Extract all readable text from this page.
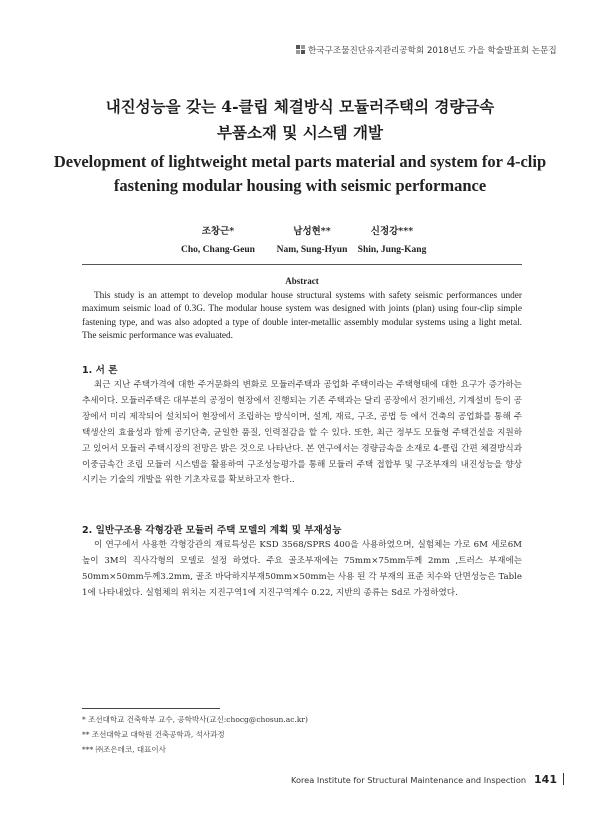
한국구조물진단유지관리공학회 2018년도 가을 학술발표회 논문집
내진성능을 갖는 4-클립 체결방식 모듈러주택의 경량금속
부품소재 및 시스템 개발
Development of lightweight metal parts material and system for 4-clip
fastening modular housing with seismic performance
조창근*
Cho, Chang-Geun
남성현**
Nam, Sung-Hyun
신정강***
Shin, Jung-Kang
Abstract
This study is an attempt to develop modular house structural systems with safety seismic performances under maximum seismic load of 0.3G. The modular house system was designed with joints (plan) using four-clip simple fastening type, and was also adopted a type of double inter-metallic assembly modular systems using a light metal. The seismic performance was evaluated.
1. 서 론
최근 지난 주택가격에 대한 주거문화의 변화로 모듈러주택과 공업화 주택이라는 주택형태에 대한 요구가 증가하는 추세이다. 모듈러주택은 대부분의 공정이 현장에서 진행되는 기존 주택과는 달리 공장에서 전기배선, 기계설비 등이 공장에서 미리 제작되어 설치되어 현장에서 조립하는 방식이며, 설계, 재료, 구조, 공법 등 에서 건축의 공업화를 통해 주택생산의 효율성과 함께 공기단축, 균일한 품질, 인력절감을 할 수 있다. 또한, 최근 정부도 모듈형 주택건설을 지원하고 있어서 모듈러 주택시장의 전망은 밝은 것으로 나타난다. 본 연구에서는 경량금속을 소재로 4-클립 간편 체결방식과 이중금속간 조립 모듈러 시스템을 활용하여 구조성능평가를 통해 모듈러 주택 접합부 및 구조부재의 내진성능을 향상시키는 기술의 개발을 위한 기초자료를 확보하고자 한다..
2. 일반구조용 각형강관 모듈러 주택 모델의 계획 및 부재성능
이 연구에서 사용한 각형강관의 재료특성은 KSD 3568/SPRS 400을 사용하였으며, 실험체는 가로 6M 세로6M 높이 3M의 직사각형의 모델로 설정 하였다. 주요 골조부재에는 75mm×75mm두께 2mm ,트러스 부재에는50mm×50mm두께3.2mm, 골조 바닥하지부재50mm×50mm는 사용 된 각 부재의 표준 치수와 단면성능은 Table 1에 나타내었다. 실험체의 위치는 지진구역1에 지진구역계수 0.22, 지반의 종류는 Sd로 가정하였다.
* 조선대학교 건축학부 교수, 공학박사(교신:chocg@chosun.ac.kr)
** 조선대학교 대학원 건축공학과, 석사과정
*** ㈜조은데코, 대표이사
Korea Institute for Structural Maintenance and Inspection 141
